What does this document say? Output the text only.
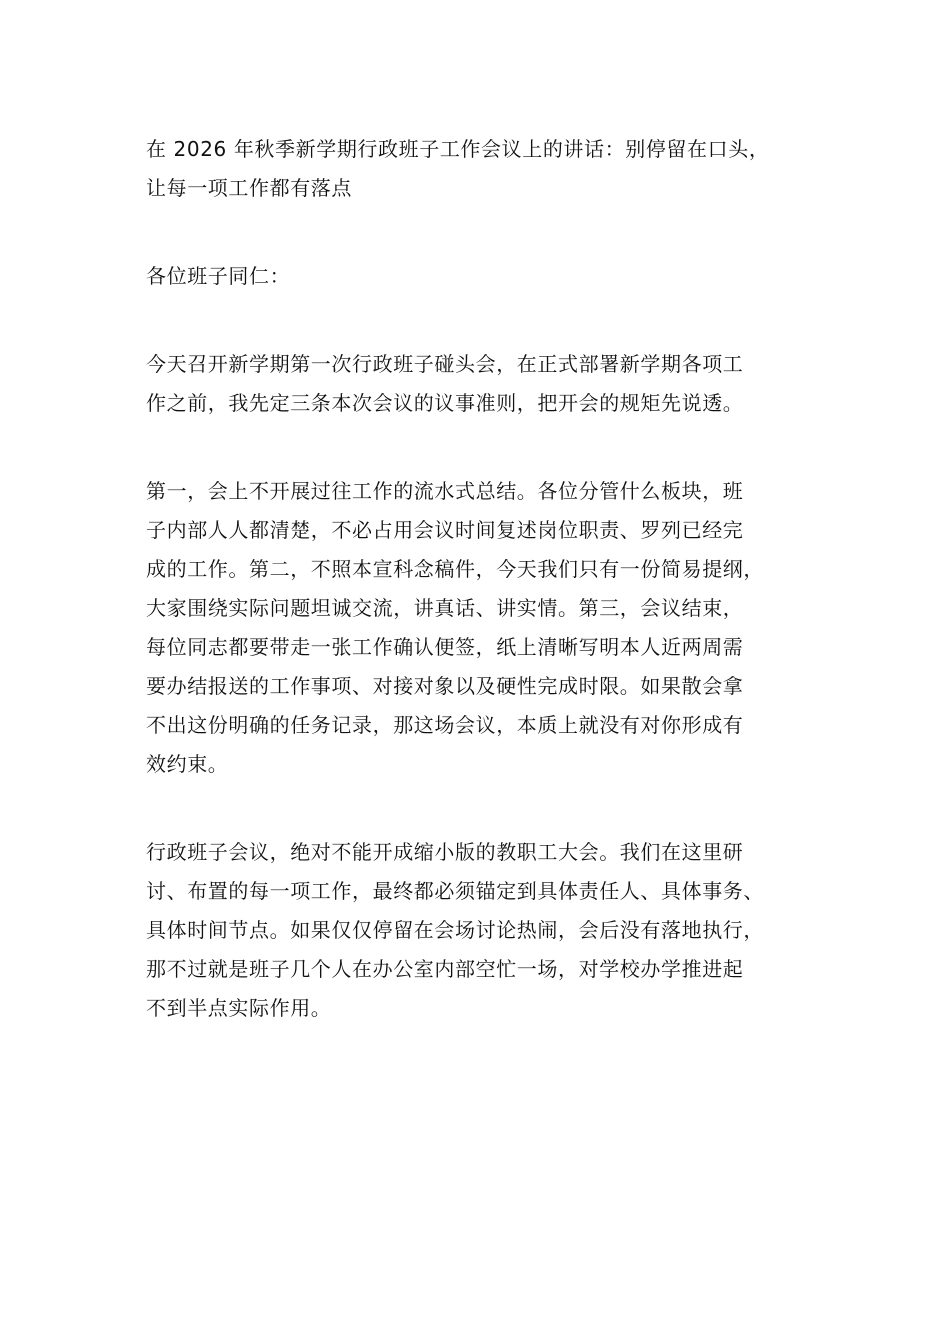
在 2026 年秋季新学期行政班子工作会议上的讲话：别停留在口头，
让每一项工作都有落点

各位班子同仁：

今天召开新学期第一次行政班子碰头会，在正式部署新学期各项工
作之前，我先定三条本次会议的议事准则，把开会的规矩先说透。

第一，会上不开展过往工作的流水式总结。各位分管什么板块，班
子内部人人都清楚，不必占用会议时间复述岗位职责、罗列已经完
成的工作。第二，不照本宣科念稿件，今天我们只有一份简易提纲，
大家围绕实际问题坦诚交流，讲真话、讲实情。第三，会议结束，
每位同志都要带走一张工作确认便签，纸上清晰写明本人近两周需
要办结报送的工作事项、对接对象以及硬性完成时限。如果散会拿
不出这份明确的任务记录，那这场会议，本质上就没有对你形成有
效约束。

行政班子会议，绝对不能开成缩小版的教职工大会。我们在这里研
讨、布置的每一项工作，最终都必须锚定到具体责任人、具体事务、
具体时间节点。如果仅仅停留在会场讨论热闹，会后没有落地执行，
那不过就是班子几个人在办公室内部空忙一场，对学校办学推进起
不到半点实际作用。
